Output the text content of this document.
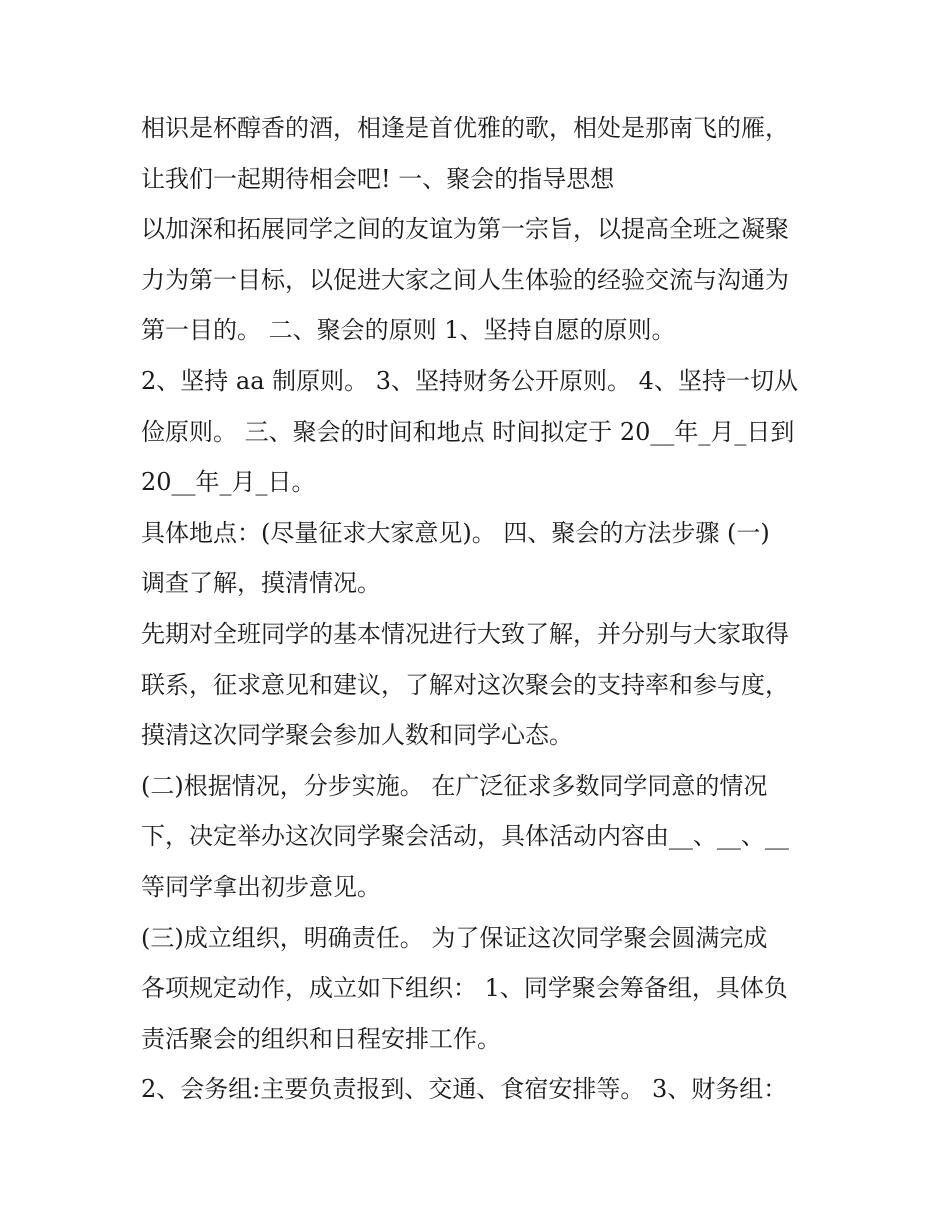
相识是杯醇香的酒，相逢是首优雅的歌，相处是那南飞的雁，
让我们一起期待相会吧! 一、聚会的指导思想
以加深和拓展同学之间的友谊为第一宗旨，以提高全班之凝聚
力为第一目标，以促进大家之间人生体验的经验交流与沟通为
第一目的。 二、聚会的原则 1、坚持自愿的原则。
2、坚持 aa 制原则。 3、坚持财务公开原则。 4、坚持一切从
俭原则。 三、聚会的时间和地点 时间拟定于 20__年_月_日到
20__年_月_日。
具体地点：(尽量征求大家意见)。 四、聚会的方法步骤 (一)
调查了解，摸清情况。
先期对全班同学的基本情况进行大致了解，并分别与大家取得
联系，征求意见和建议，了解对这次聚会的支持率和参与度，
摸清这次同学聚会参加人数和同学心态。
(二)根据情况，分步实施。 在广泛征求多数同学同意的情况
下，决定举办这次同学聚会活动，具体活动内容由__、__、__
等同学拿出初步意见。
(三)成立组织，明确责任。 为了保证这次同学聚会圆满完成
各项规定动作，成立如下组织： 1、同学聚会筹备组，具体负
责活聚会的组织和日程安排工作。
2、会务组:主要负责报到、交通、食宿安排等。 3、财务组：
